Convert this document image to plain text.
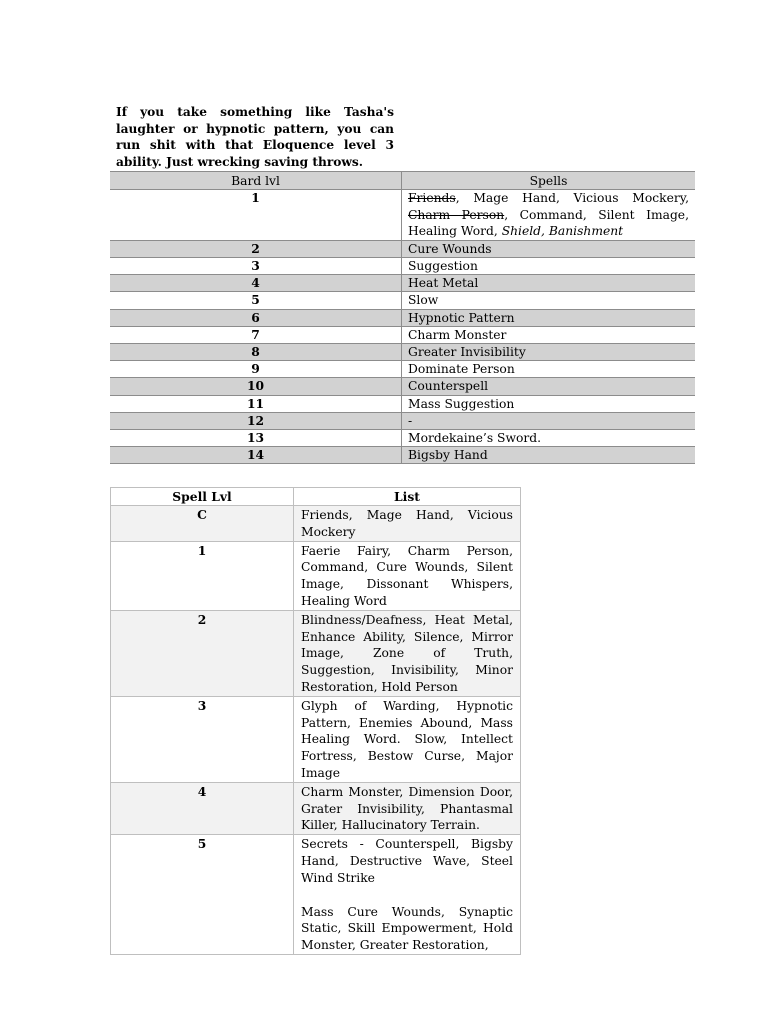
If you take something like Tasha's laughter or hypnotic pattern, you can run shit with that Eloquence level 3 ability. Just wrecking saving throws.
Bard lvl	Spells
1	Friends, Mage Hand, Vicious Mockery, Charm Person, Command, Silent Image, Healing Word, Shield, Banishment
2	Cure Wounds
3	Suggestion
4	Heat Metal
5	Slow
6	Hypnotic Pattern
7	Charm Monster
8	Greater Invisibility
9	Dominate Person
10	Counterspell
11	Mass Suggestion
12	-
13	Mordekaine’s Sword.
14	Bigsby Hand
Spell Lvl	List
C	Friends, Mage Hand, Vicious Mockery
1	Faerie Fairy, Charm Person, Command, Cure Wounds, Silent Image, Dissonant Whispers, Healing Word
2	Blindness/Deafness, Heat Metal, Enhance Ability, Silence, Mirror Image, Zone of Truth, Suggestion, Invisibility, Minor Restoration, Hold Person
3	Glyph of Warding, Hypnotic Pattern, Enemies Abound, Mass Healing Word. Slow, Intellect Fortress, Bestow Curse, Major Image
4	Charm Monster, Dimension Door, Grater Invisibility, Phantasmal Killer, Hallucinatory Terrain.
5	Secrets - Counterspell, Bigsby Hand, Destructive Wave, Steel Wind Strike
Mass Cure Wounds, Synaptic Static, Skill Empowerment, Hold Monster, Greater Restoration,
